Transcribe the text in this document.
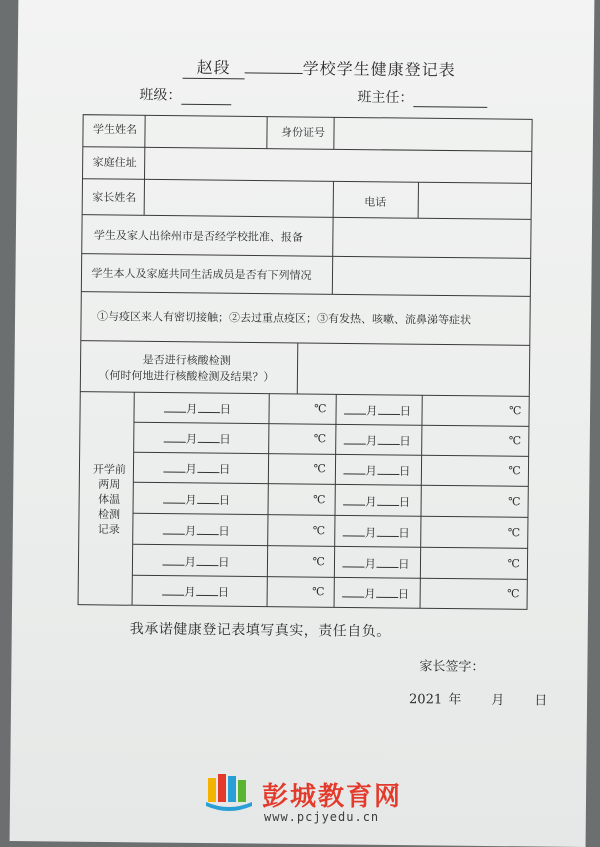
赵段	学校学生健康登记表
班级：	班主任：
学生姓名	身份证号
家庭住址
家长姓名	电话
学生及家人出徐州市是否经学校批准、报备
学生本人及家庭共同生活成员是否有下列情况
①与疫区来人有密切接触；②去过重点疫区；③有发热、咳嗽、流鼻涕等症状
是否进行核酸检测
（何时何地进行核酸检测及结果？）
开学前
两周
体温
检测
记录
月 日	℃	月 日	℃
月 日	℃	月 日	℃
月 日	℃	月 日	℃
月 日	℃	月 日	℃
月 日	℃	月 日	℃
月 日	℃	月 日	℃
月 日	℃	月 日	℃
我承诺健康登记表填写真实，责任自负。
家长签字：
2021 年 月 日
彭城教育网
www.pcjyedu.cn
